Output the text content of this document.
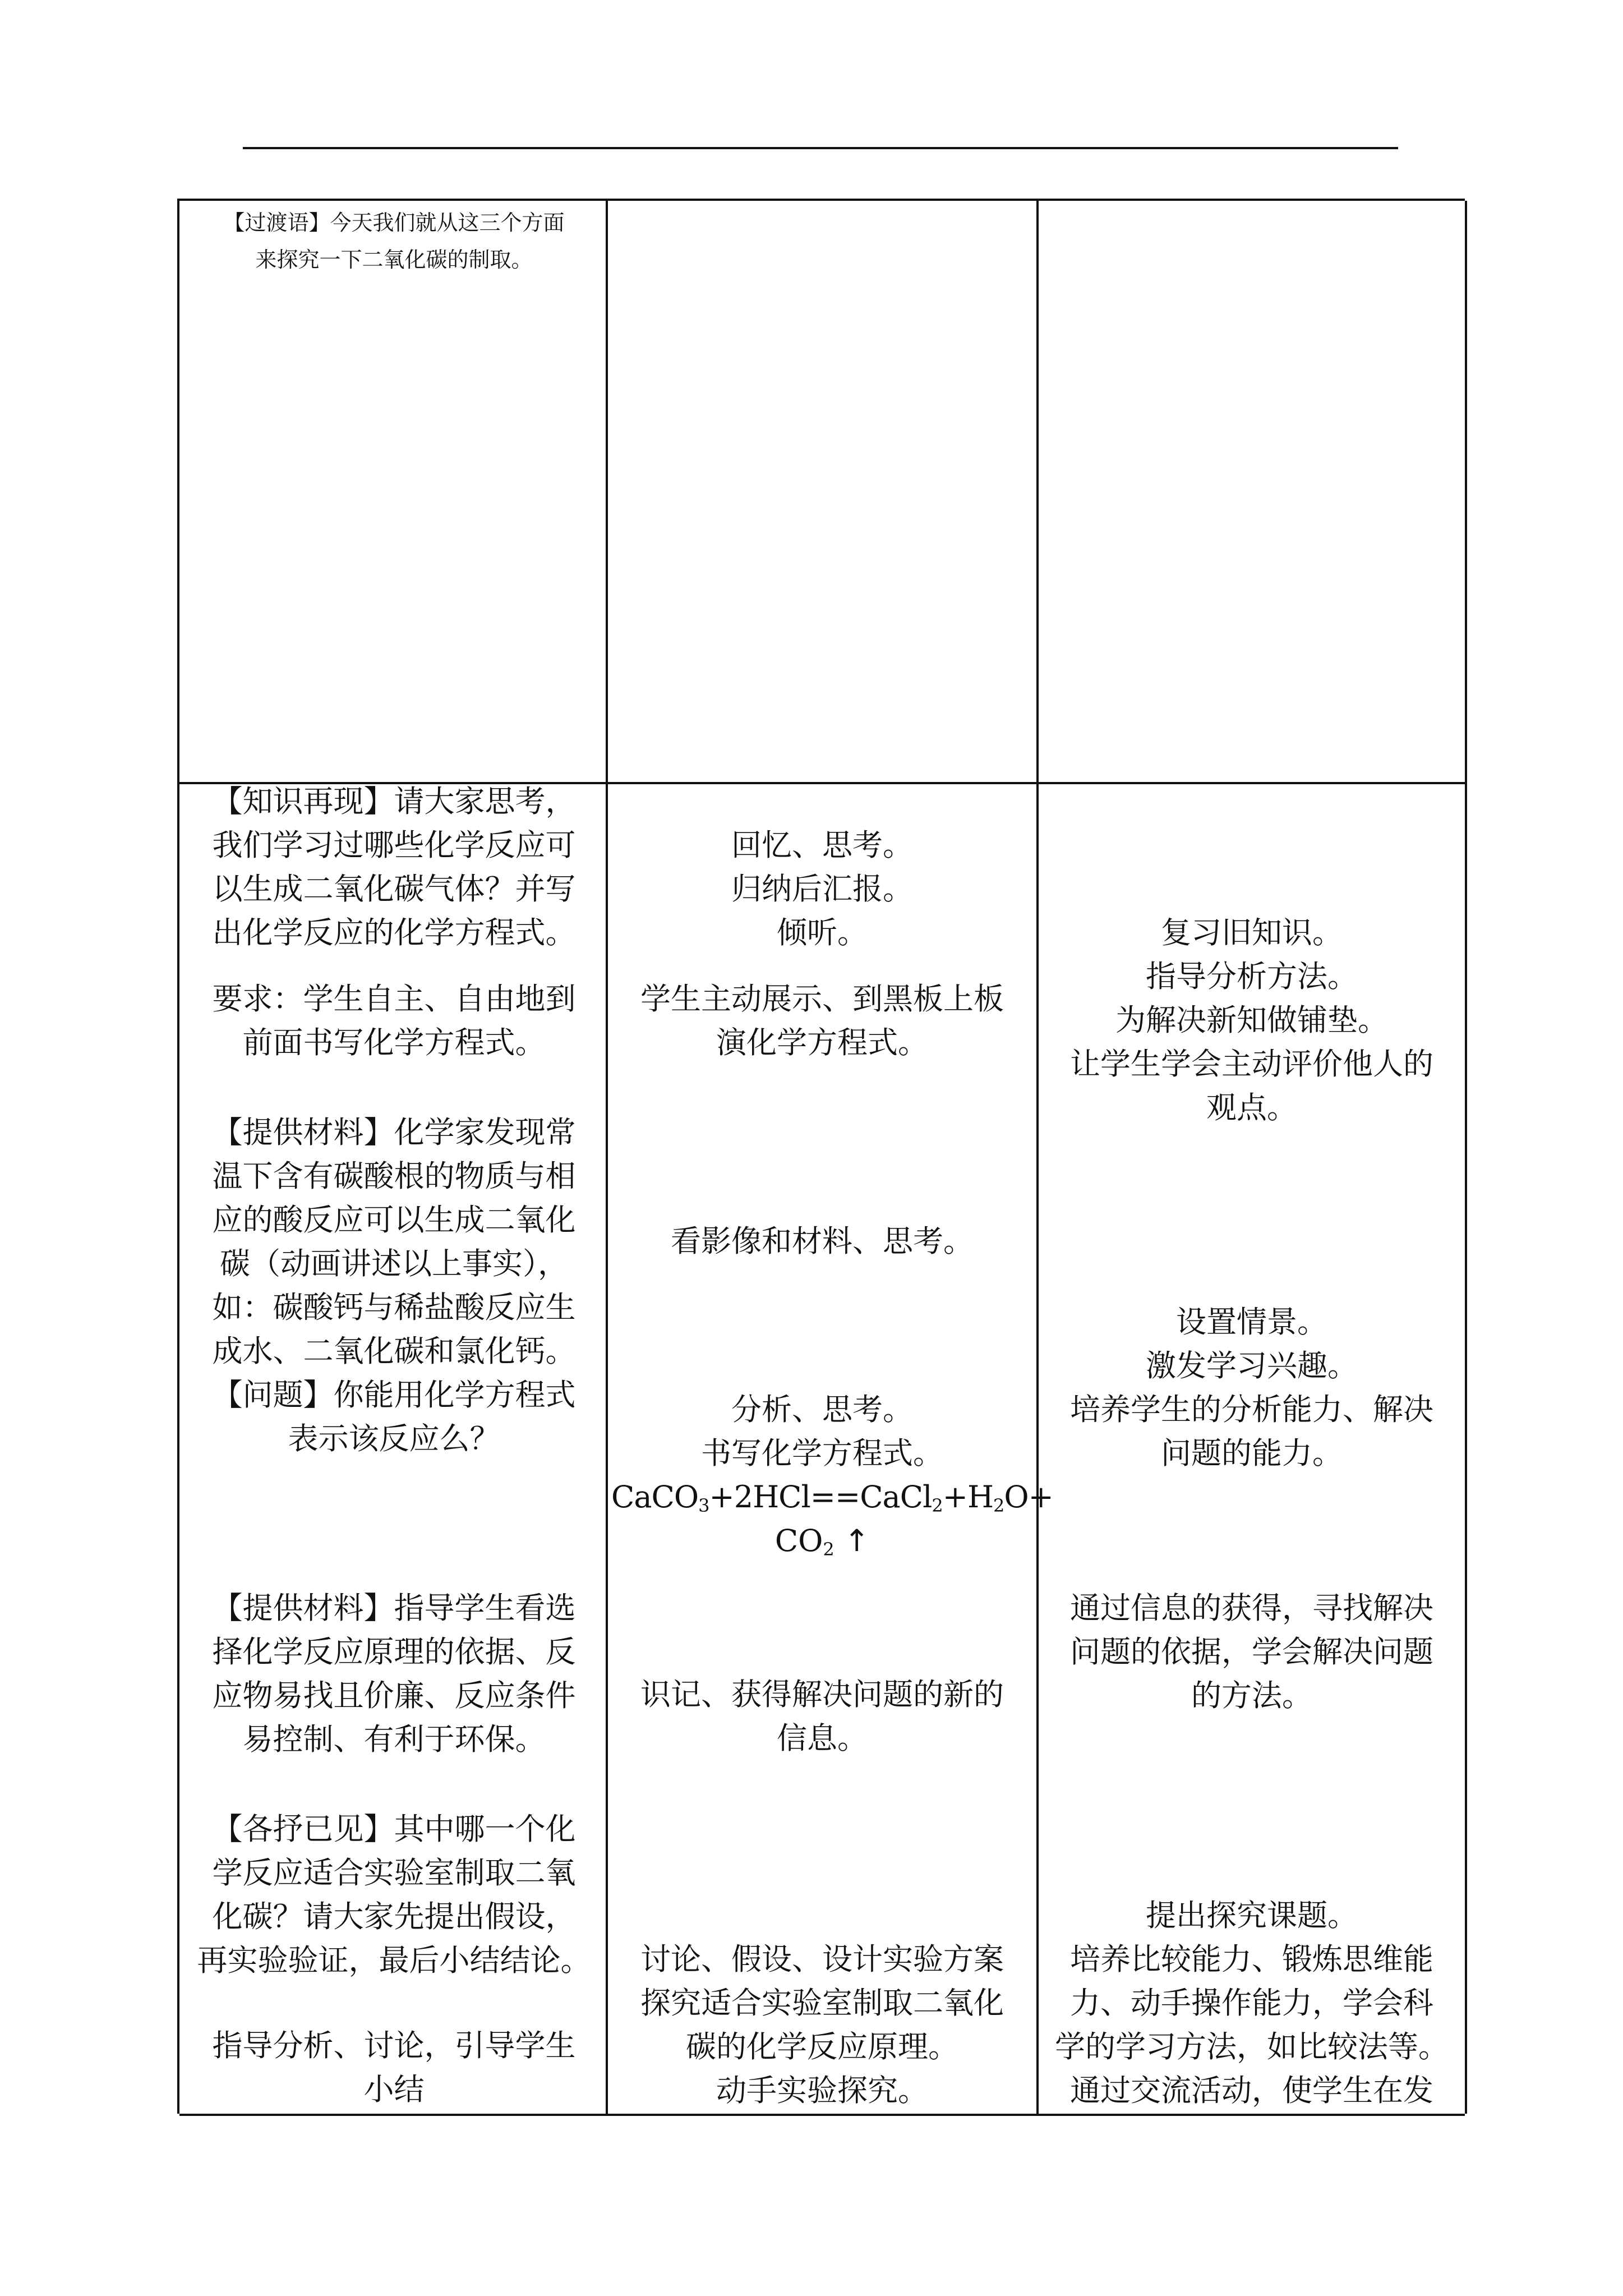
【过渡语】今天我们就从这三个方面
来探究一下二氧化碳的制取。
【知识再现】请大家思考，
我们学习过哪些化学反应可
以生成二氧化碳气体？并写
出化学反应的化学方程式。
要求：学生自主、自由地到
前面书写化学方程式。
【提供材料】化学家发现常
温下含有碳酸根的物质与相
应的酸反应可以生成二氧化
碳（动画讲述以上事实），
如：碳酸钙与稀盐酸反应生
成水、二氧化碳和氯化钙。
【问题】你能用化学方程式
表示该反应么？
【提供材料】指导学生看选
择化学反应原理的依据、反
应物易找且价廉、反应条件
易控制、有利于环保。
【各抒已见】其中哪一个化
学反应适合实验室制取二氧
化碳？请大家先提出假设，
再实验验证，最后小结结论。
指导分析、讨论，引导学生
小结
回忆、思考。
归纳后汇报。
倾听。
学生主动展示、到黑板上板
演化学方程式。
看影像和材料、思考。
分析、思考。
书写化学方程式。
$CaCO_3+2HCl==CaCl_2+H_2O+$
$CO_2$ ↑
识记、获得解决问题的新的
信息。
讨论、假设、设计实验方案
探究适合实验室制取二氧化
碳的化学反应原理。
动手实验探究。
复习旧知识。
指导分析方法。
为解决新知做铺垫。
让学生学会主动评价他人的
观点。
设置情景。
激发学习兴趣。
培养学生的分析能力、解决
问题的能力。
通过信息的获得，寻找解决
问题的依据，学会解决问题
的方法。
提出探究课题。
培养比较能力、锻炼思维能
力、动手操作能力，学会科
学的学习方法，如比较法等。
通过交流活动，使学生在发
